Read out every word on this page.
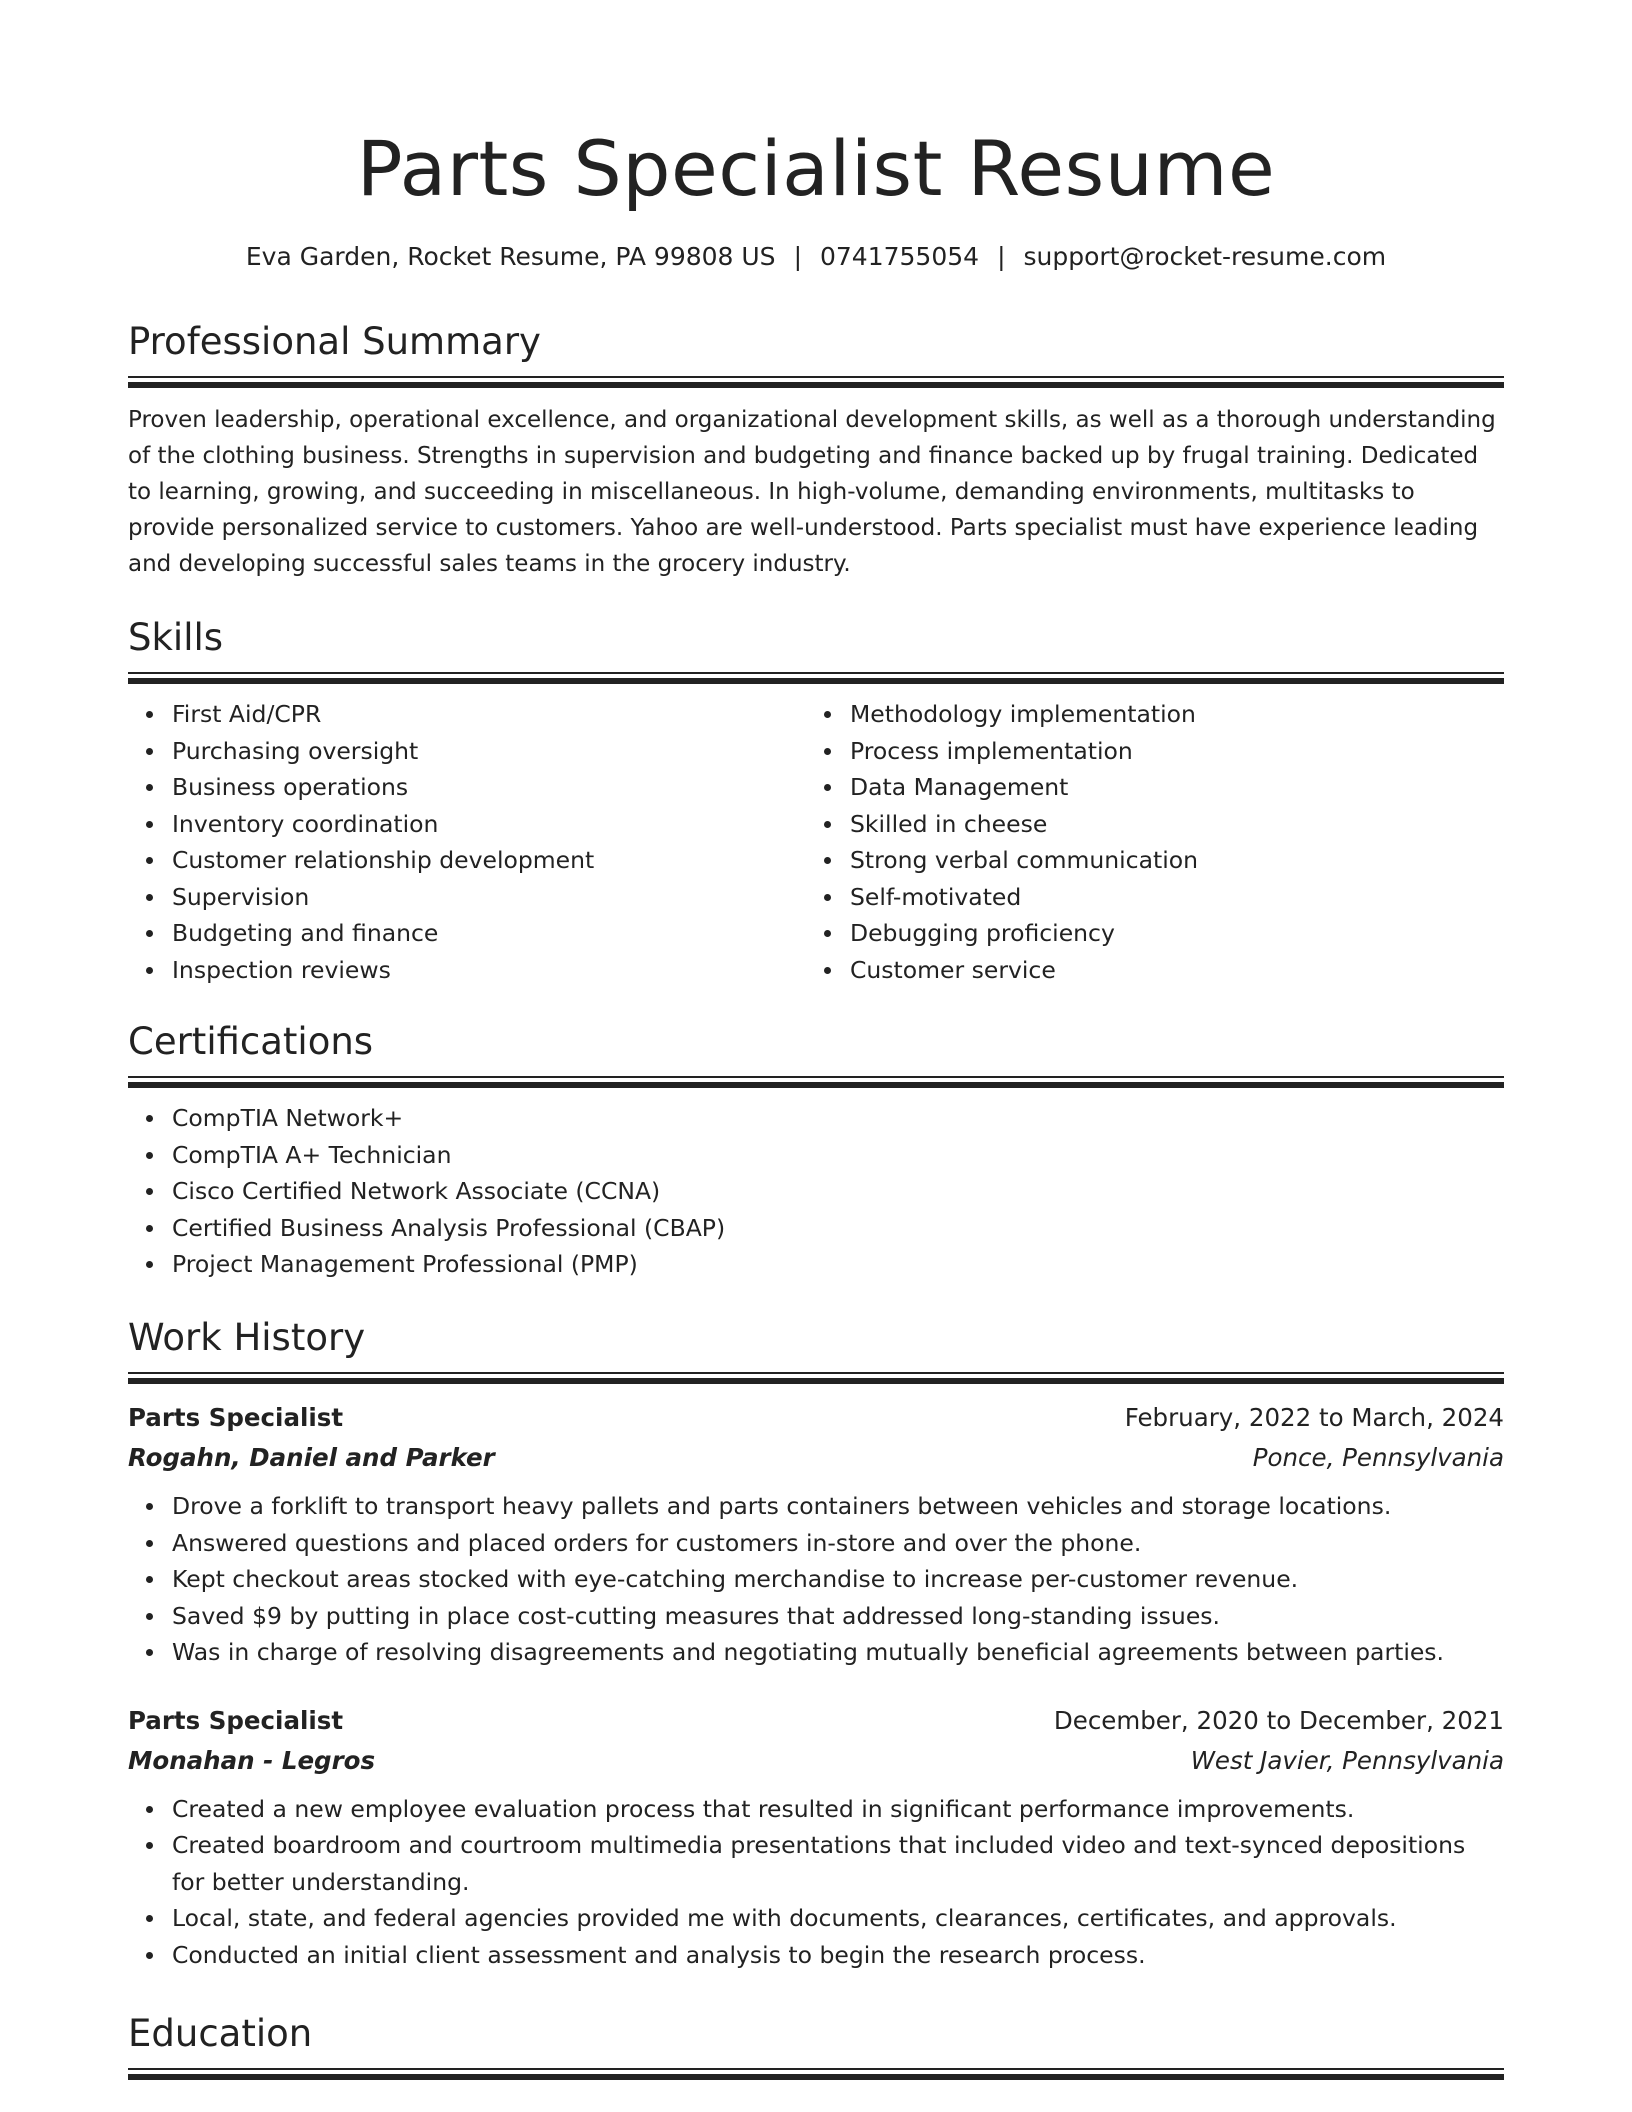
Parts Specialist Resume
Eva Garden, Rocket Resume, PA 99808 US | 0741755054 | support@rocket-resume.com
Professional Summary

Proven leadership, operational excellence, and organizational development skills, as well as a thorough understanding of the clothing business. Strengths in supervision and budgeting and finance backed up by frugal training. Dedicated to learning, growing, and succeeding in miscellaneous. In high-volume, demanding environments, multitasks to provide personalized service to customers. Yahoo are well-understood. Parts specialist must have experience leading and developing successful sales teams in the grocery industry.

Skills
First Aid/CPR
Purchasing oversight
Business operations
Inventory coordination
Customer relationship development
Supervision
Budgeting and finance
Inspection reviews
Methodology implementation
Process implementation
Data Management
Skilled in cheese
Strong verbal communication
Self-motivated
Debugging proficiency
Customer service
Certifications
CompTIA Network+
CompTIA A+ Technician
Cisco Certified Network Associate (CCNA)
Certified Business Analysis Professional (CBAP)
Project Management Professional (PMP)
Work History
Parts Specialist	February, 2022 to March, 2024
Rogahn, Daniel and Parker	Ponce, Pennsylvania
Drove a forklift to transport heavy pallets and parts containers between vehicles and storage locations.
Answered questions and placed orders for customers in-store and over the phone.
Kept checkout areas stocked with eye-catching merchandise to increase per-customer revenue.
Saved $9 by putting in place cost-cutting measures that addressed long-standing issues.
Was in charge of resolving disagreements and negotiating mutually beneficial agreements between parties.
Parts Specialist	December, 2020 to December, 2021
Monahan - Legros	West Javier, Pennsylvania
Created a new employee evaluation process that resulted in significant performance improvements.
Created boardroom and courtroom multimedia presentations that included video and text-synced depositions for better understanding.
Local, state, and federal agencies provided me with documents, clearances, certificates, and approvals.
Conducted an initial client assessment and analysis to begin the research process.
Education
